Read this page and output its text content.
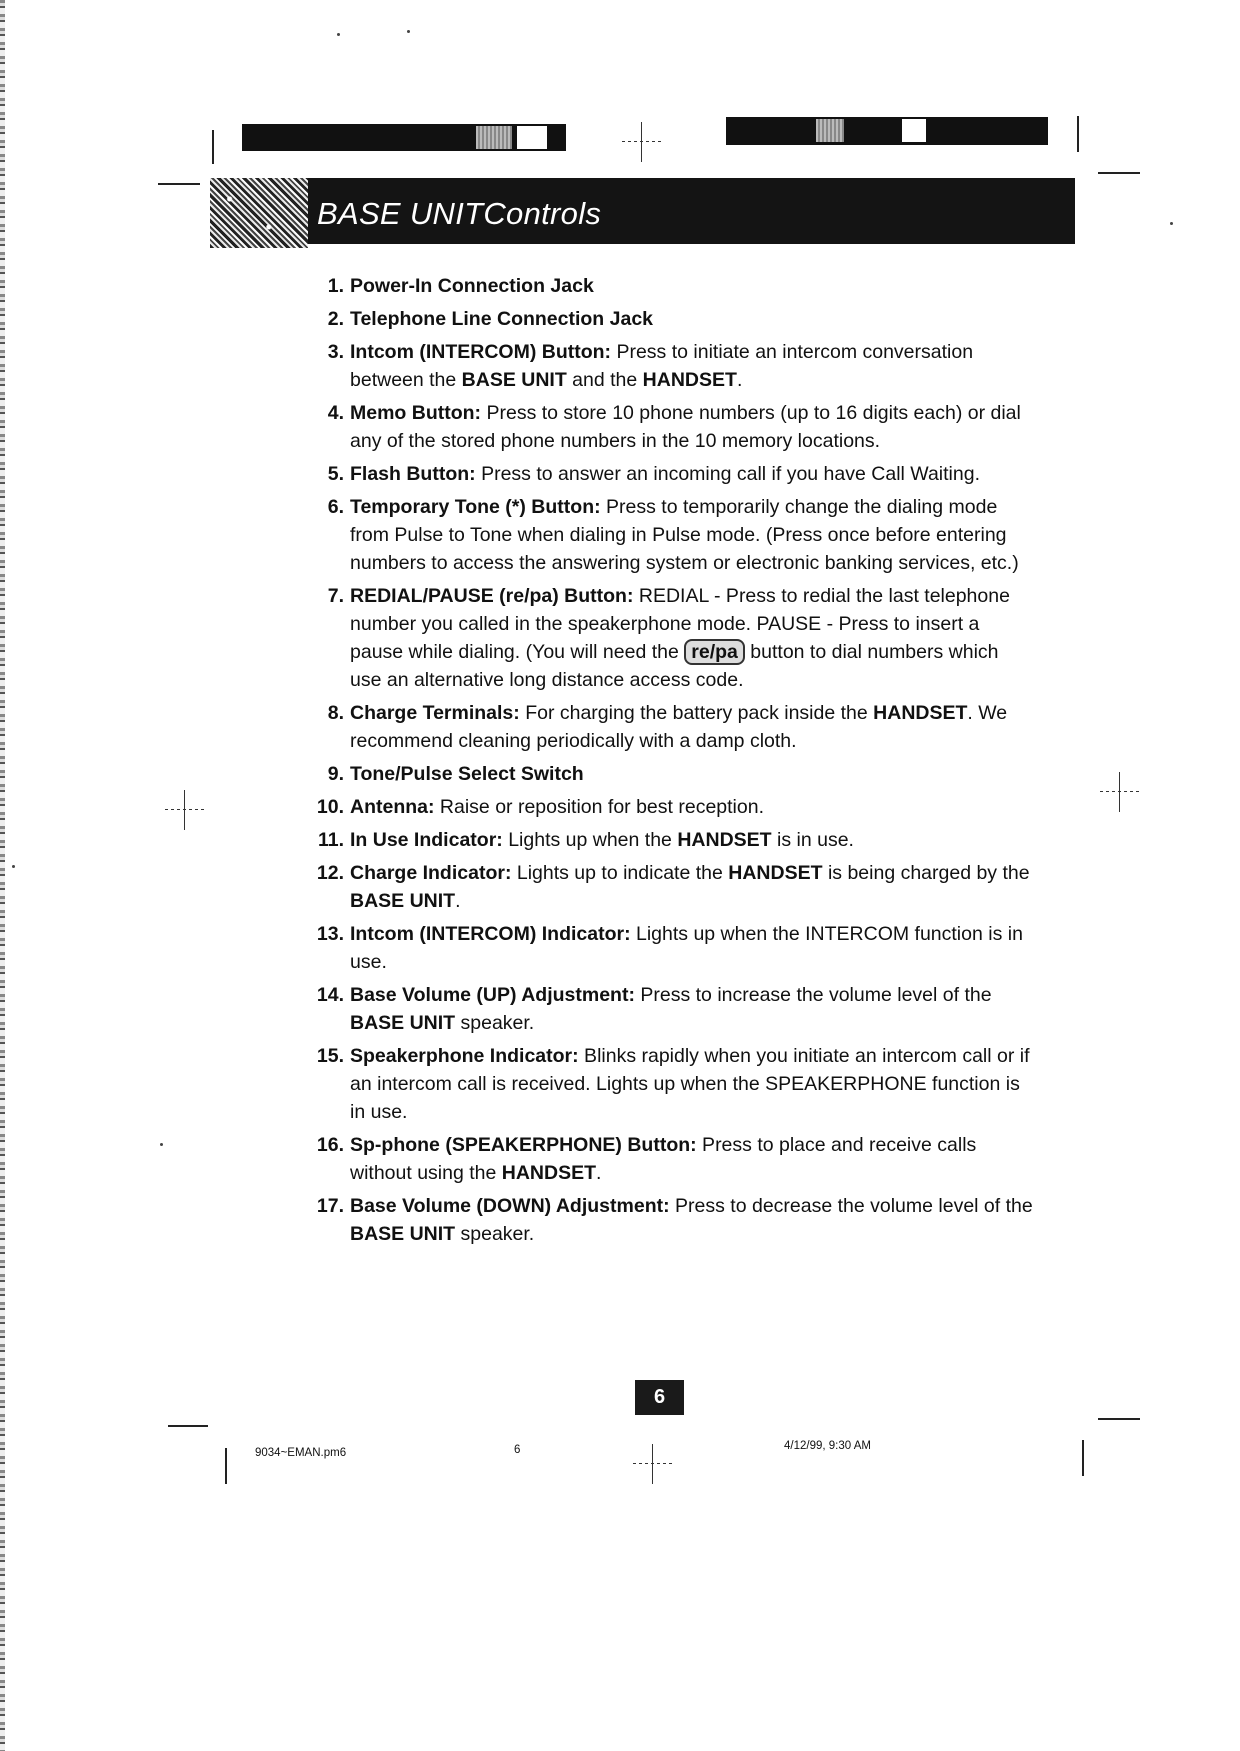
BASE UNITControls
1. Power-In Connection Jack
2. Telephone Line Connection Jack
3. Intcom (INTERCOM) Button: Press to initiate an intercom conversation between the BASE UNIT and the HANDSET.
4. Memo Button: Press to store 10 phone numbers (up to 16 digits each) or dial any of the stored phone numbers in the 10 memory locations.
5. Flash Button: Press to answer an incoming call if you have Call Waiting.
6. Temporary Tone (*) Button: Press to temporarily change the dialing mode from Pulse to Tone when dialing in Pulse mode. (Press once before entering numbers to access the answering system or electronic banking services, etc.)
7. REDIAL/PAUSE (re/pa) Button: REDIAL - Press to redial the last telephone number you called in the speakerphone mode. PAUSE - Press to insert a pause while dialing. (You will need the re/pa button to dial numbers which use an alternative long distance access code.
8. Charge Terminals: For charging the battery pack inside the HANDSET. We recommend cleaning periodically with a damp cloth.
9. Tone/Pulse Select Switch
10. Antenna: Raise or reposition for best reception.
11. In Use Indicator: Lights up when the HANDSET is in use.
12. Charge Indicator: Lights up to indicate the HANDSET is being charged by the BASE UNIT.
13. Intcom (INTERCOM) Indicator: Lights up when the INTERCOM function is in use.
14. Base Volume (UP) Adjustment: Press to increase the volume level of the BASE UNIT speaker.
15. Speakerphone Indicator: Blinks rapidly when you initiate an intercom call or if an intercom call is received. Lights up when the SPEAKERPHONE function is in use.
16. Sp-phone (SPEAKERPHONE) Button: Press to place and receive calls without using the HANDSET.
17. Base Volume (DOWN) Adjustment: Press to decrease the volume level of the BASE UNIT speaker.
6
9034~EMAN.pm6	6	4/12/99, 9:30 AM
